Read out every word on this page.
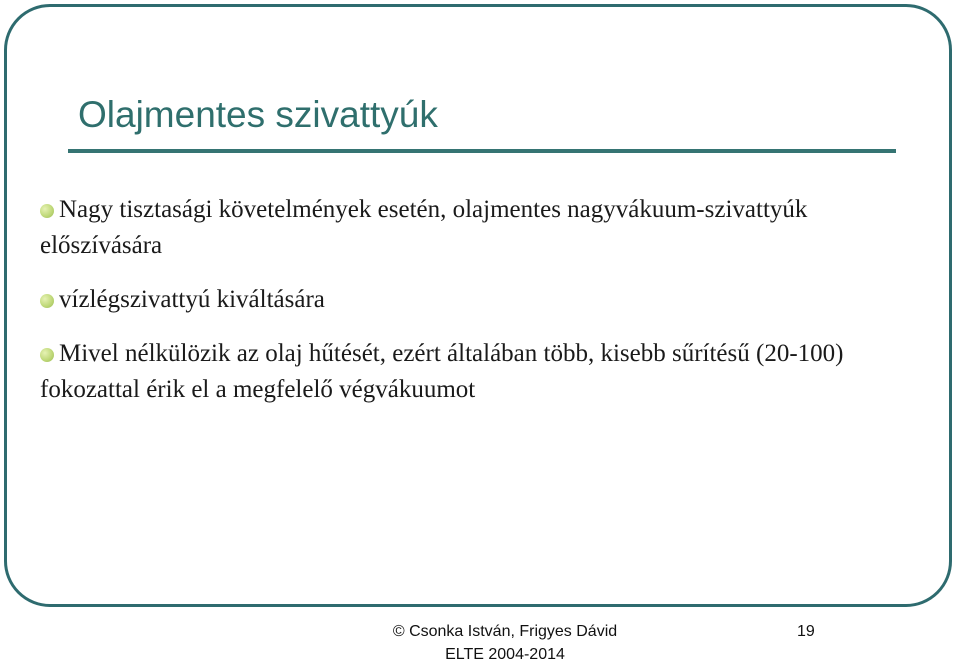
Olajmentes szivattyúk
Nagy tisztasági követelmények esetén, olajmentes nagyvákuum-szivattyúk előszívására
vízlégszivattyú kiváltására
Mivel nélkülözik az olaj hűtését, ezért általában több, kisebb sűrítésű (20-100) fokozattal érik el a megfelelő végvákuumot
© Csonka István, Frigyes Dávid
ELTE 2004-2014
19
